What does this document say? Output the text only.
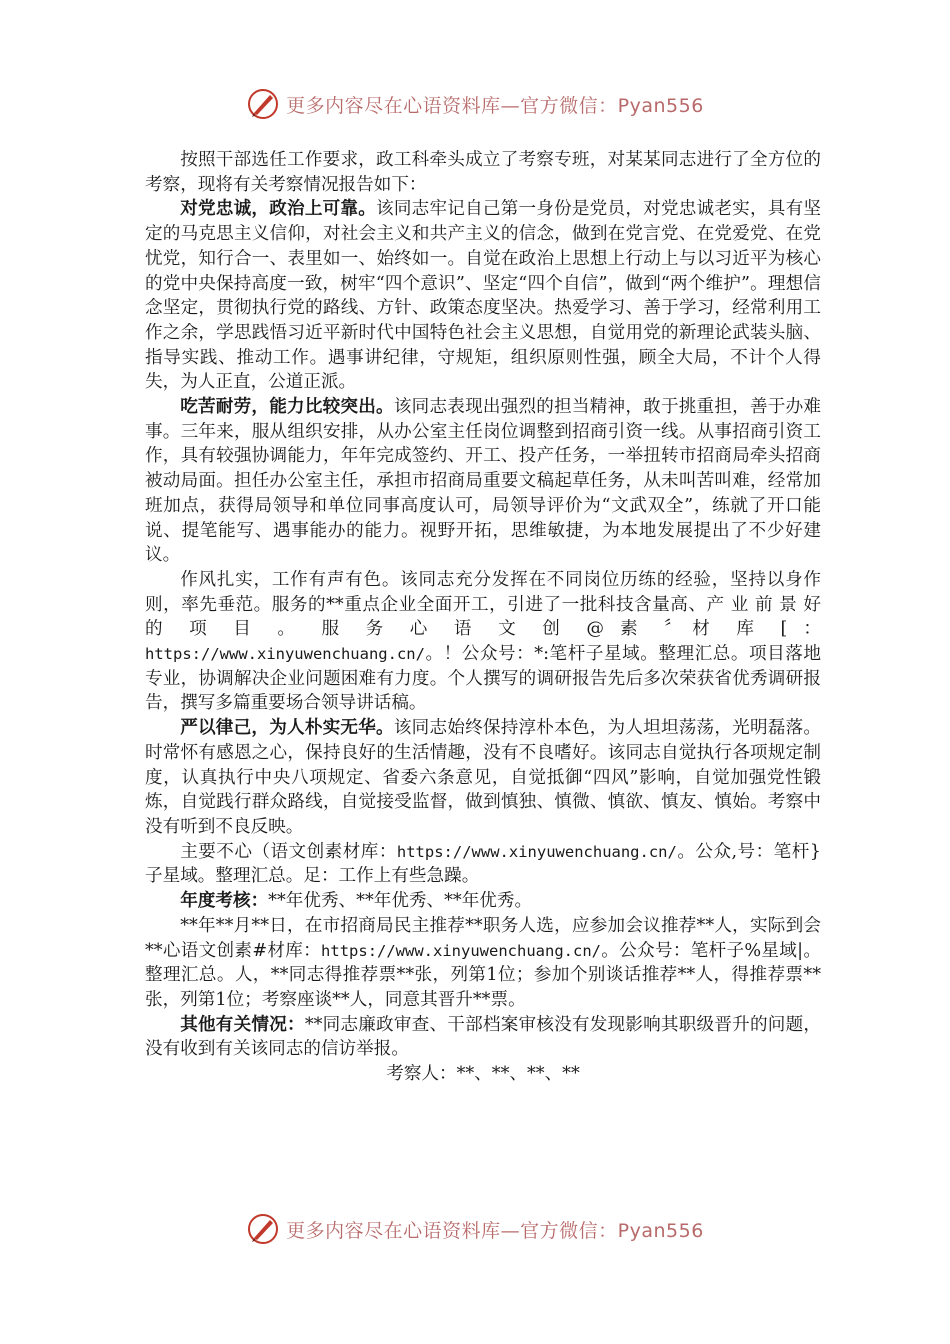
更多内容尽在心语资料库—官方微信：Pyan556

按照干部选任工作要求，政工科牵头成立了考察专班，对某某同志进行了全方位的考察，现将有关考察情况报告如下：

对党忠诚，政治上可靠。该同志牢记自己第一身份是党员，对党忠诚老实，具有坚定的马克思主义信仰，对社会主义和共产主义的信念，做到在党言党、在党爱党、在党忧党，知行合一、表里如一、始终如一。自觉在政治上思想上行动上与以习近平为核心的党中央保持高度一致，树牢“四个意识”、坚定“四个自信”，做到“两个维护”。理想信念坚定，贯彻执行党的路线、方针、政策态度坚决。热爱学习、善于学习，经常利用工作之余，学思践悟习近平新时代中国特色社会主义思想，自觉用党的新理论武装头脑、指导实践、推动工作。遇事讲纪律，守规矩，组织原则性强，顾全大局，不计个人得失，为人正直，公道正派。

吃苦耐劳，能力比较突出。该同志表现出强烈的担当精神，敢于挑重担，善于办难事。三年来，服从组织安排，从办公室主任岗位调整到招商引资一线。从事招商引资工作，具有较强协调能力，年年完成签约、开工、投产任务，一举扭转市招商局牵头招商被动局面。担任办公室主任，承担市招商局重要文稿起草任务，从未叫苦叫难，经常加班加点，获得局领导和单位同事高度认可，局领导评价为“文武双全”，练就了开口能说、提笔能写、遇事能办的能力。视野开拓，思维敏捷，为本地发展提出了不少好建议。

作风扎实，工作有声有色。该同志充分发挥在不同岗位历练的经验，坚持以身作则，率先垂范。服务的**重点企业全面开工，引进了一批科技含量高、产 业 前 景 好 的 项 目 。 服 务 心 语 文 创 @ 素 〞材 库 [ ： https://www.xinyuwenchuang.cn/。！公众号：*:笔杆子星域。整理汇总。项目落地专业，协调解决企业问题困难有力度。个人撰写的调研报告先后多次荣获省优秀调研报告，撰写多篇重要场合领导讲话稿。

严以律己，为人朴实无华。该同志始终保持淳朴本色，为人坦坦荡荡，光明磊落。时常怀有感恩之心，保持良好的生活情趣，没有不良嗜好。该同志自觉执行各项规定制度，认真执行中央八项规定、省委六条意见，自觉抵御“四风”影响，自觉加强党性锻炼，自觉践行群众路线，自觉接受监督，做到慎独、慎微、慎欲、慎友、慎始。考察中没有听到不良反映。

主要不心（语文创素材库：https://www.xinyuwenchuang.cn/。公众,号：笔杆}子星域。整理汇总。足：工作上有些急躁。

年度考核：**年优秀、**年优秀、**年优秀。

**年**月**日，在市招商局民主推荐**职务人选，应参加会议推荐**人，实际到会**心语文创素#材库：https://www.xinyuwenchuang.cn/。公众号：笔杆子%星域|。整理汇总。人，**同志得推荐票**张，列第1位；参加个别谈话推荐**人，得推荐票**张，列第1位；考察座谈**人，同意其晋升**票。

其他有关情况：**同志廉政审查、干部档案审核没有发现影响其职级晋升的问题，没有收到有关该同志的信访举报。

考察人：**、**、**、**

更多内容尽在心语资料库—官方微信：Pyan556
